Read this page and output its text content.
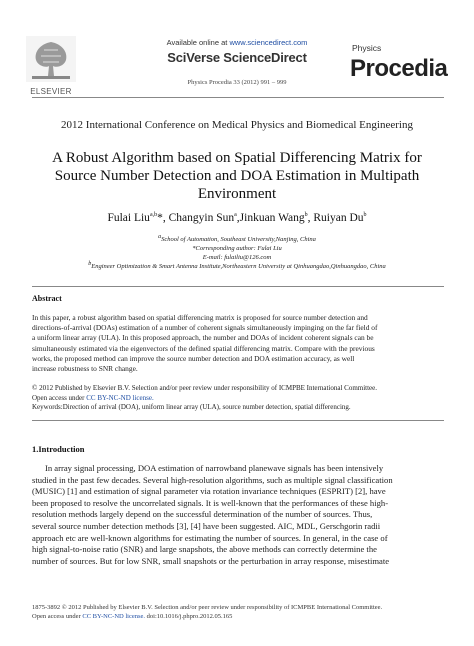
ELSEVIER
Available online at www.sciencedirect.com
SciVerse ScienceDirect
Physics Procedia 33 (2012) 991 – 999
Physics
Procedia
2012 International Conference on Medical Physics and Biomedical Engineering
A Robust Algorithm based on Spatial Differencing Matrix for
Source Number Detection and DOA Estimation in Multipath
Environment
Fulai Liu$^{a,b}$*, Changyin Sun$^a$,Jinkuan Wang$^b$, Ruiyan Du$^b$
$^a$School of Automation, Southeast University,Nanjing, China
*Corresponding author: Fulai Liu
E-mail: fulailiu@126.com
$^b$Engineer Optimization & Smart Antenna Institute,Northeastern University at Qinhuangdao,Qinhuangdao, China
Abstract
In this paper, a robust algorithm based on spatial differencing matrix is proposed for source number detection and
directions-of-arrival (DOAs) estimation of a number of coherent signals simultaneously impinging on the far field of
a uniform linear array (ULA). In this proposed approach, the number and DOAs of incident coherent signals can be
simultaneously estimated via the eigenvectors of the defined spatial differencing matrix. Compare with the previous
works, the proposed method can improve the source number detection and DOA estimation accuracy, as well
increase robustness to SNR change.
© 2012 Published by Elsevier B.V. Selection and/or peer review under responsibility of ICMPBE International Committee.
Open access under CC BY-NC-ND license.
Keywords:Direction of arrival (DOA), uniform linear array (ULA), source number detection, spatial differencing.
1.Introduction
In array signal processing, DOA estimation of narrowband planewave signals has been intensively
studied in the past few decades. Several high-resolution algorithms, such as multiple signal classification
(MUSIC) [1] and estimation of signal parameter via rotation invariance techniques (ESPRIT) [2], have
been proposed to resolve the uncorrelated signals. It is well-known that the performances of these high-
resolution methods largely depend on the successful determination of the number of sources. Thus,
several source number detection methods [3], [4] have been suggested. AIC, MDL, Gerschgorin radii
approach etc are well-known algorithms for estimating the number of sources. In general, in the case of
high signal-to-noise ratio (SNR) and large snapshots, the above methods can correctly determine the
number of sources. But for low SNR, small snapshots or the perturbation in array response, misestimate
1875-3892 © 2012 Published by Elsevier B.V. Selection and/or peer review under responsibility of ICMPBE International Committee.
Open access under CC BY-NC-ND license. doi:10.1016/j.phpro.2012.05.165
